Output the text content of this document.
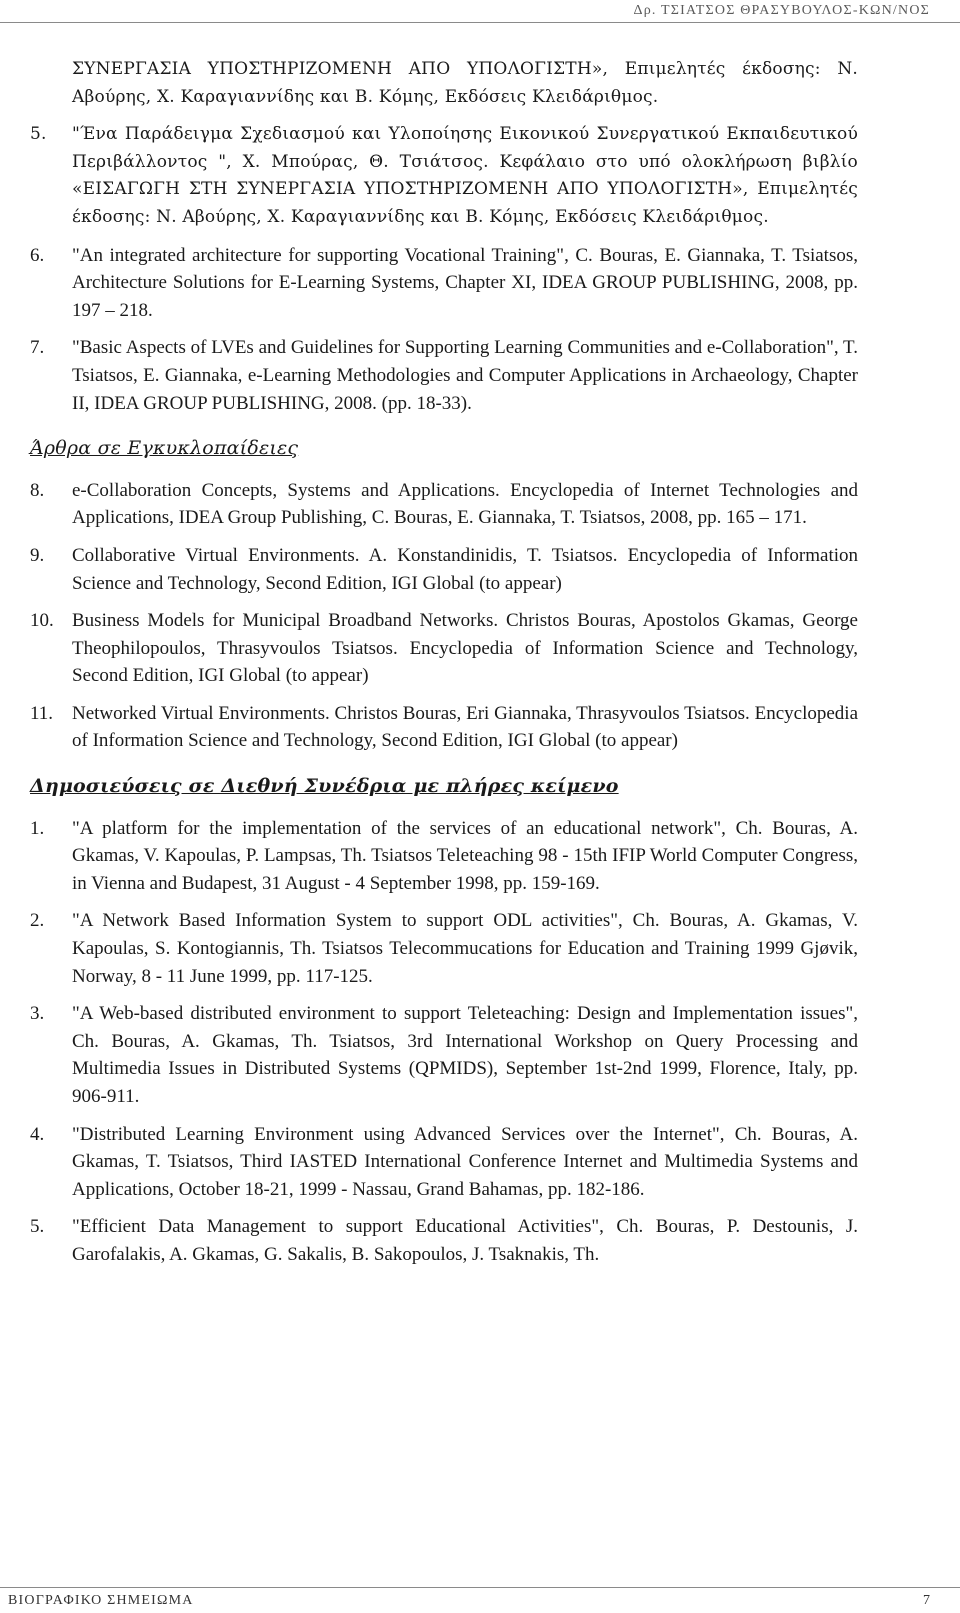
Δρ. ΤΣΙΑΤΣΟΣ ΘΡΑΣΥΒΟΥΛΟΣ-ΚΩΝ/ΝΟΣ
ΣΥΝΕΡΓΑΣΙΑ ΥΠΟΣΤΗΡΙΖΟΜΕΝΗ ΑΠΟ ΥΠΟΛΟΓΙΣΤΗ», Επιμελητές έκδοσης: Ν. Αβούρης, Χ. Καραγιαννίδης και Β. Κόμης, Εκδόσεις Κλειδάριθμος.
5.	"Ένα Παράδειγμα Σχεδιασμού και Υλοποίησης Εικονικού Συνεργατικού Εκπαιδευτικού Περιβάλλοντος ", Χ. Μπούρας, Θ. Τσιάτσος. Κεφάλαιο στο υπό ολοκλήρωση βιβλίο «ΕΙΣΑΓΩΓΗ ΣΤΗ ΣΥΝΕΡΓΑΣΙΑ ΥΠΟΣΤΗΡΙΖΟΜΕΝΗ ΑΠΟ ΥΠΟΛΟΓΙΣΤΗ», Επιμελητές έκδοσης: Ν. Αβούρης, Χ. Καραγιαννίδης και Β. Κόμης, Εκδόσεις Κλειδάριθμος.
6.	"An integrated architecture for supporting Vocational Training", C. Bouras, E. Giannaka, T. Tsiatsos, Architecture Solutions for E-Learning Systems, Chapter XI, IDEA GROUP PUBLISHING, 2008, pp. 197 – 218.
7.	"Basic Aspects of LVEs and Guidelines for Supporting Learning Communities and e-Collaboration", T. Tsiatsos, E. Giannaka, e-Learning Methodologies and Computer Applications in Archaeology, Chapter II, IDEA GROUP PUBLISHING, 2008. (pp. 18-33).
Άρθρα σε Εγκυκλοπαίδειες
8.	e-Collaboration Concepts, Systems and Applications. Encyclopedia of Internet Technologies and Applications, IDEA Group Publishing, C. Bouras, E. Giannaka, T. Tsiatsos, 2008, pp. 165 – 171.
9.	Collaborative Virtual Environments. A. Konstandinidis, T. Tsiatsos. Encyclopedia of Information Science and Technology, Second Edition, IGI Global (to appear)
10. Business Models for Municipal Broadband Networks. Christos Bouras, Apostolos Gkamas, George Theophilopoulos, Thrasyvoulos Tsiatsos. Encyclopedia of Information Science and Technology, Second Edition, IGI Global (to appear)
11. Networked Virtual Environments. Christos Bouras, Eri Giannaka, Thrasyvoulos Tsiatsos. Encyclopedia of Information Science and Technology, Second Edition, IGI Global (to appear)
Δημοσιεύσεις σε Διεθνή Συνέδρια με πλήρες κείμενο
1.	"A platform for the implementation of the services of an educational network", Ch. Bouras, A. Gkamas, V. Kapoulas, P. Lampsas, Th. Tsiatsos Teleteaching 98 - 15th IFIP World Computer Congress, in Vienna and Budapest, 31 August - 4 September 1998, pp. 159-169.
2.	"A Network Based Information System to support ODL activities", Ch. Bouras, A. Gkamas, V. Kapoulas, S. Kontogiannis, Th. Tsiatsos Telecommucations for Education and Training 1999 Gjøvik, Norway, 8 - 11 June 1999, pp. 117-125.
3.	"A Web-based distributed environment to support Teleteaching: Design and Implementation issues", Ch. Bouras, A. Gkamas, Th. Tsiatsos, 3rd International Workshop on Query Processing and Multimedia Issues in Distributed Systems (QPMIDS), September 1st-2nd 1999, Florence, Italy, pp. 906-911.
4.	"Distributed Learning Environment using Advanced Services over the Internet", Ch. Bouras, A. Gkamas, T. Tsiatsos, Third IASTED International Conference Internet and Multimedia Systems and Applications, October 18-21, 1999 - Nassau, Grand Bahamas, pp. 182-186.
5.	"Efficient Data Management to support Educational Activities", Ch. Bouras, P. Destounis, J. Garofalakis, A. Gkamas, G. Sakalis, B. Sakopoulos, J. Tsaknakis, Th.
ΒΙΟΓΡΑΦΙΚΟ ΣΗΜΕΙΩΜΑ	7
